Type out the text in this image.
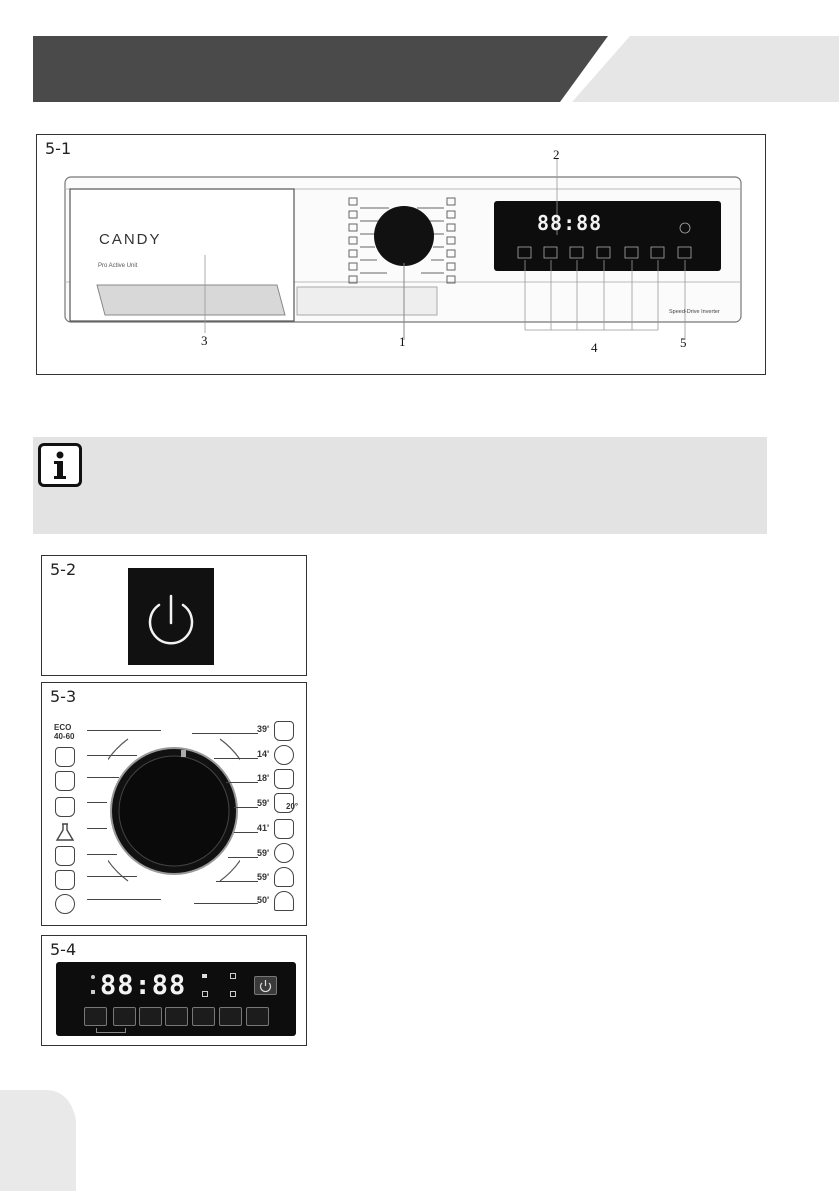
5-1	2
3	1	4	5
CANDY
Pro Active Unit
88:88
Speed-Drive Inverter
5-2
5-3
ECO
40-60
39'
14'
18'
59'
41'
59'
59'
50'
20°
5-4
88:88
